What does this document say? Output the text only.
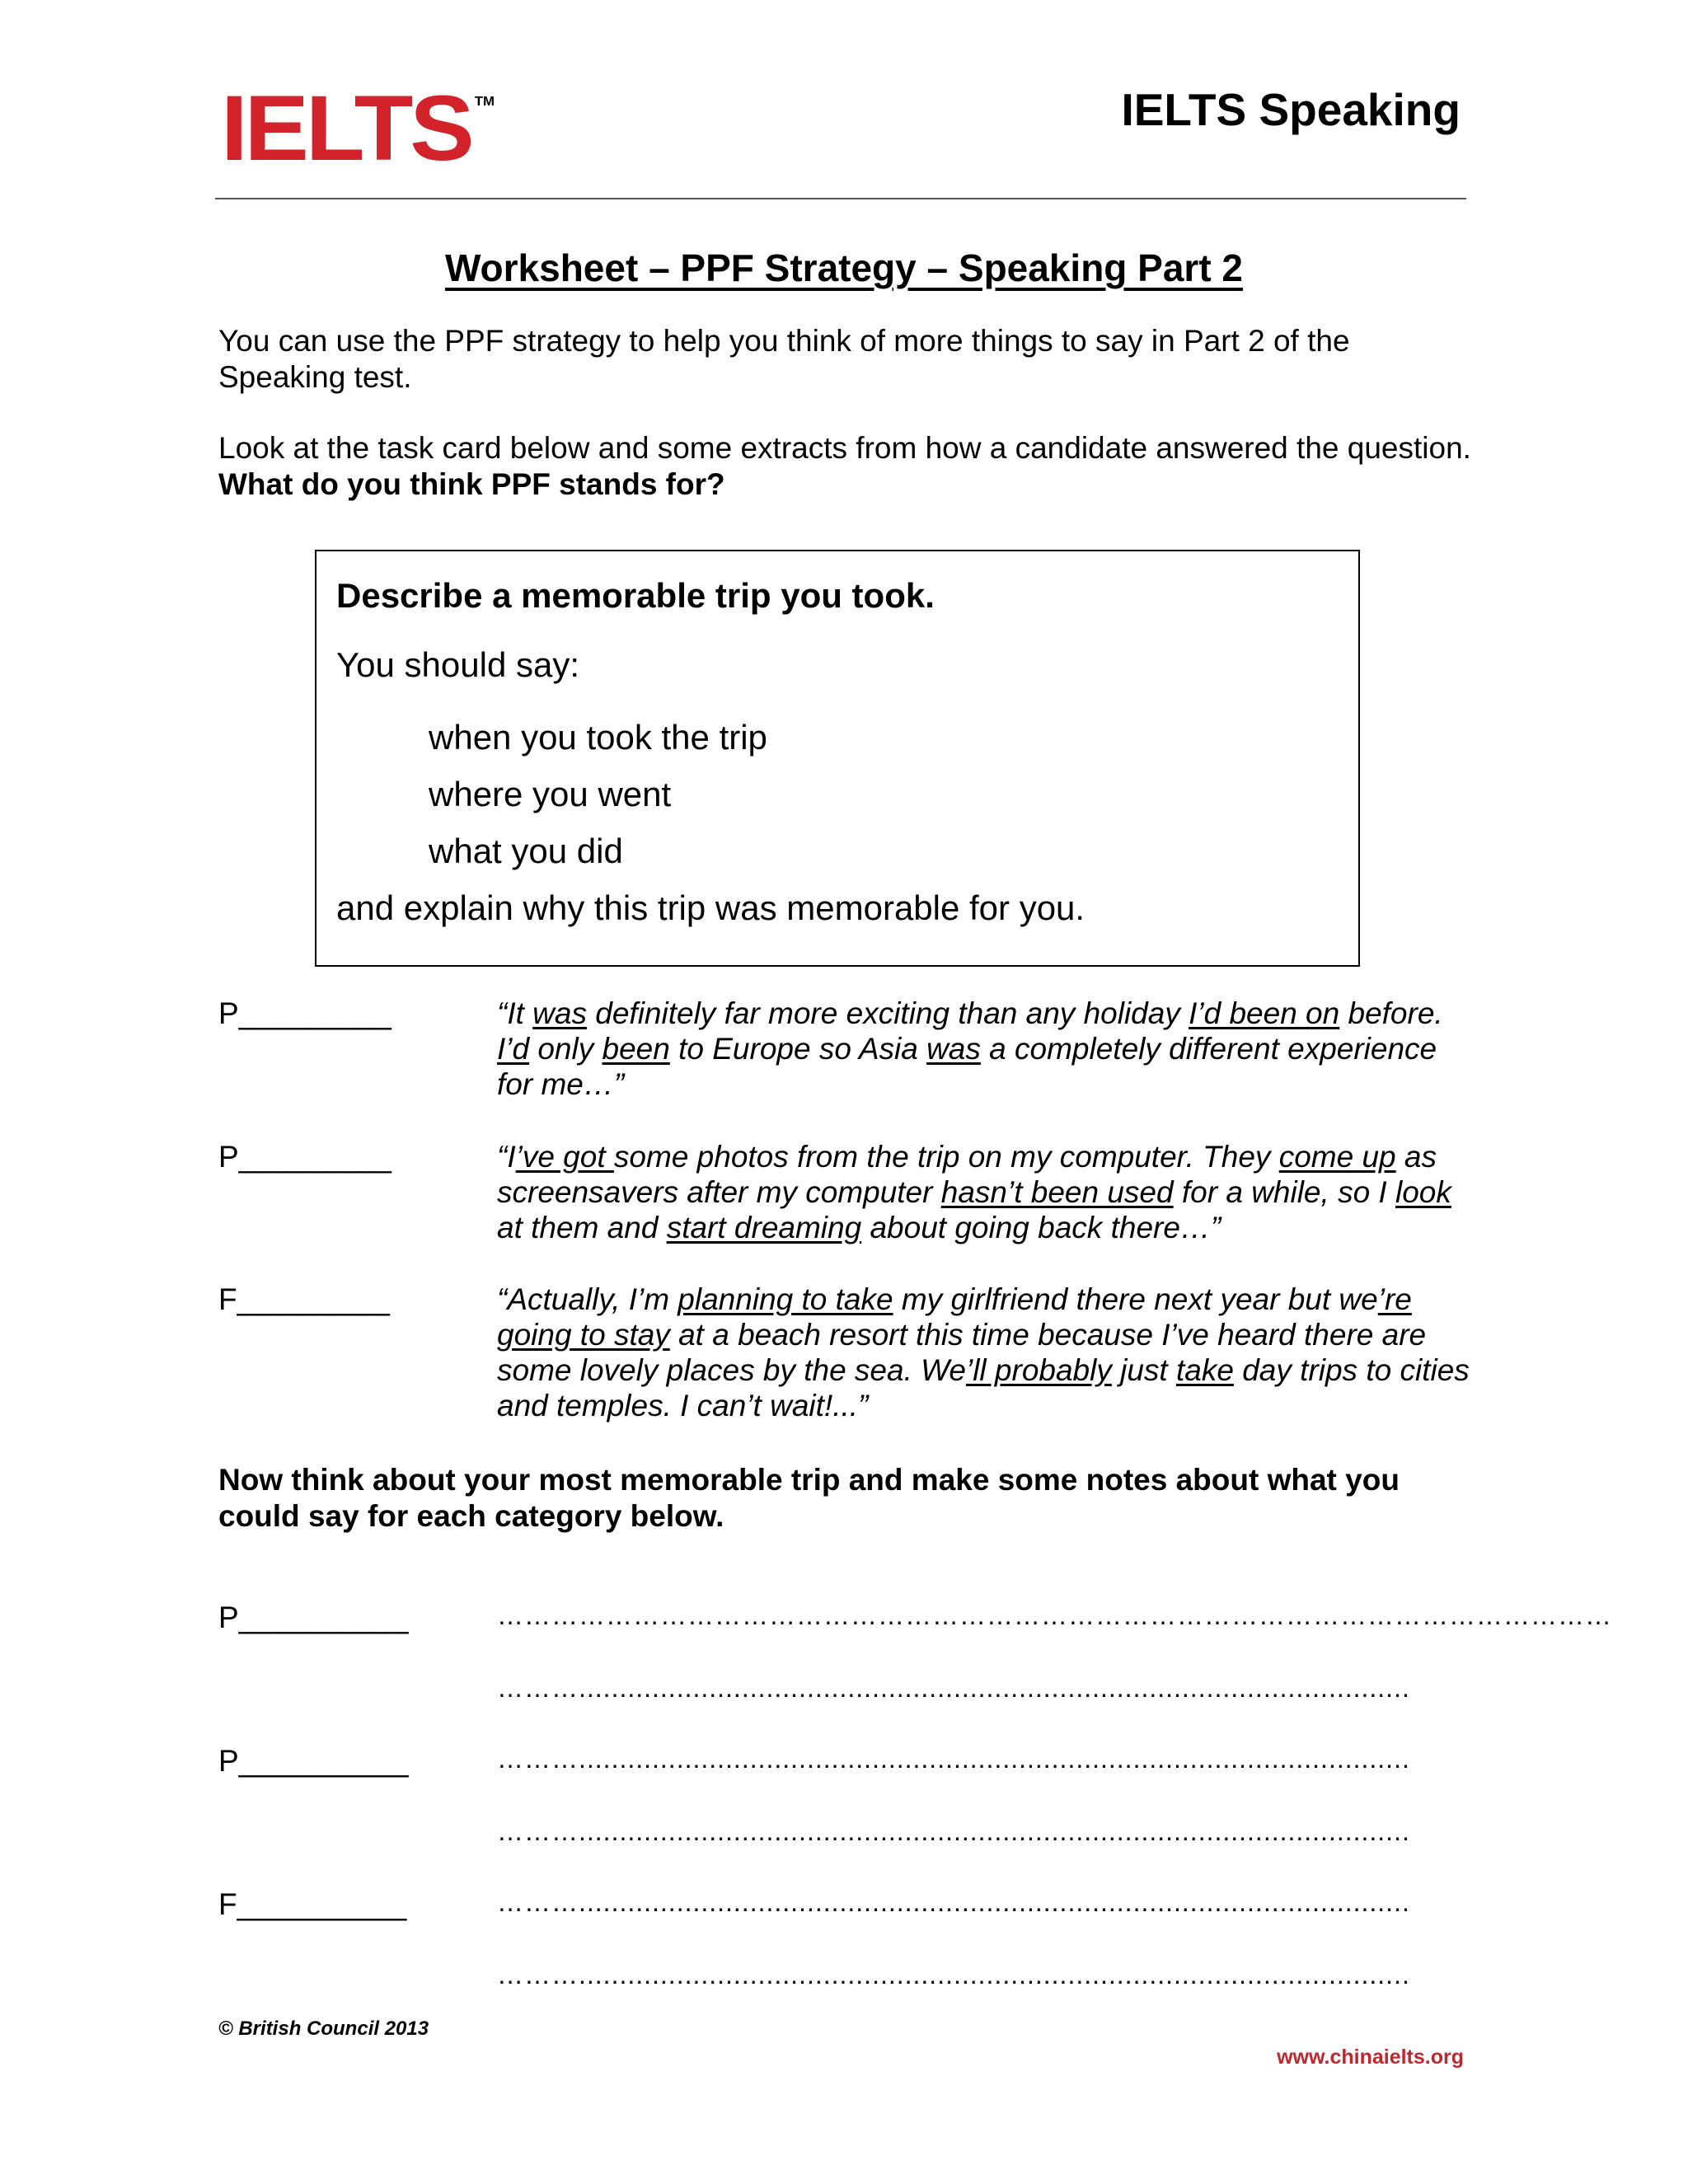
IELTS ™	IELTS Speaking
Worksheet – PPF Strategy – Speaking Part 2
You can use the PPF strategy to help you think of more things to say in Part 2 of the Speaking test.
Look at the task card below and some extracts from how a candidate answered the question. What do you think PPF stands for?
Describe a memorable trip you took.
You should say:
when you took the trip
where you went
what you did
and explain why this trip was memorable for you.
P_________	“It was definitely far more exciting than any holiday I’d been on before. I’d only been to Europe so Asia was a completely different experience for me…”
P_________	“I’ve got some photos from the trip on my computer. They come up as screensavers after my computer hasn’t been used for a while, so I look at them and start dreaming about going back there…”
F_________	“Actually, I’m planning to take my girlfriend there next year but we’re going to stay at a beach resort this time because I’ve heard there are some lovely places by the sea. We’ll probably just take day trips to cities and temples. I can’t wait!...”
Now think about your most memorable trip and make some notes about what you could say for each category below.
P__________	……………………………………………………………………………………………………………
………......................................................................................................
P__________	………......................................................................................................
………......................................................................................................
F__________	………......................................................................................................
………......................................................................................................
© British Council 2013
www.chinaielts.org
